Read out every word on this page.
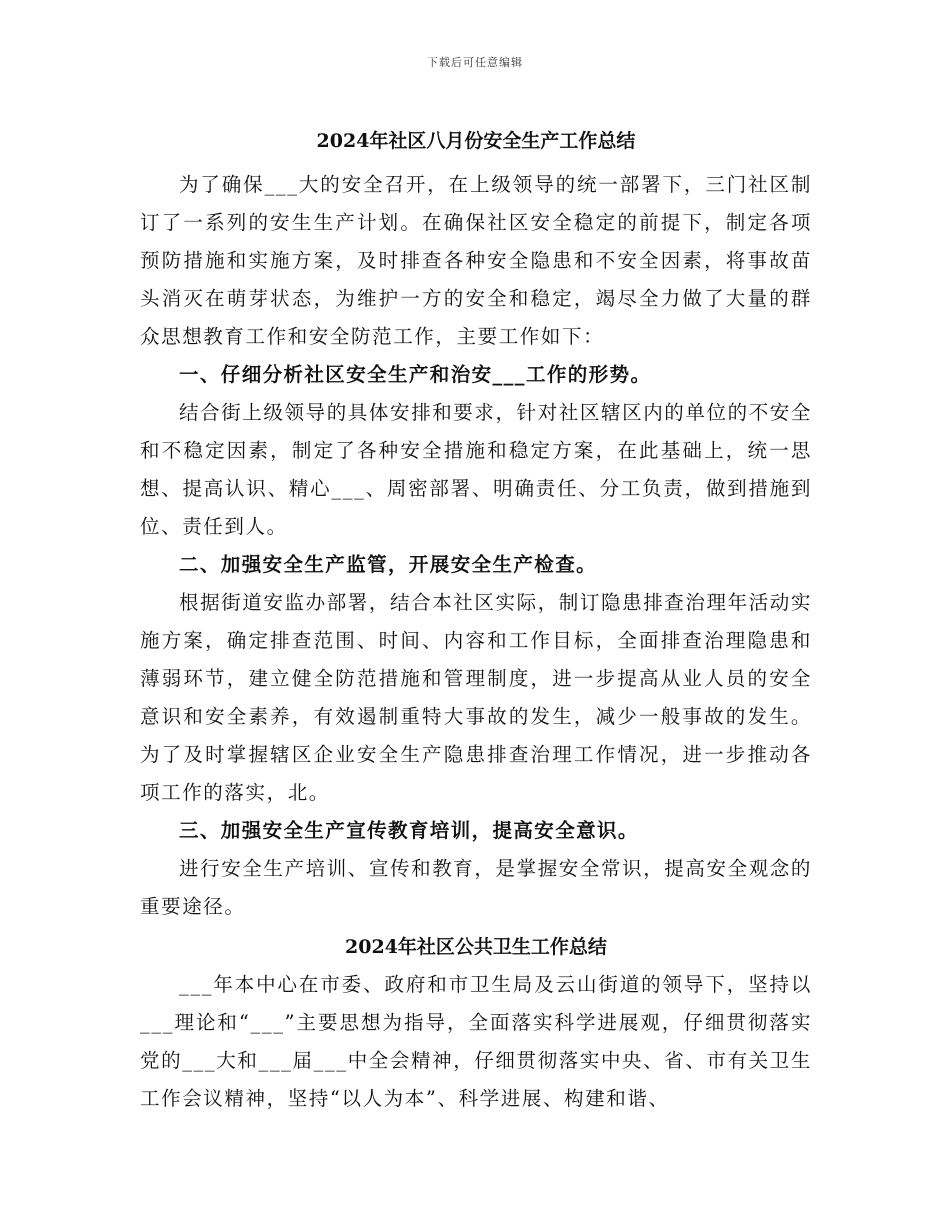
下载后可任意编辑
2024年社区八月份安全生产工作总结

为了确保___大的安全召开，在上级领导的统一部署下，三门社区制订了一系列的安生生产计划。在确保社区安全稳定的前提下，制定各项预防措施和实施方案，及时排查各种安全隐患和不安全因素，将事故苗头消灭在萌芽状态，为维护一方的安全和稳定，竭尽全力做了大量的群众思想教育工作和安全防范工作，主要工作如下：

一、仔细分析社区安全生产和治安___工作的形势。

结合街上级领导的具体安排和要求，针对社区辖区内的单位的不安全和不稳定因素，制定了各种安全措施和稳定方案，在此基础上，统一思想、提高认识、精心___、周密部署、明确责任、分工负责，做到措施到位、责任到人。

二、加强安全生产监管，开展安全生产检查。

根据街道安监办部署，结合本社区实际，制订隐患排查治理年活动实施方案，确定排查范围、时间、内容和工作目标，全面排查治理隐患和薄弱环节，建立健全防范措施和管理制度，进一步提高从业人员的安全意识和安全素养，有效遏制重特大事故的发生，减少一般事故的发生。为了及时掌握辖区企业安全生产隐患排查治理工作情况，进一步推动各项工作的落实，北。

三、加强安全生产宣传教育培训，提高安全意识。

进行安全生产培训、宣传和教育，是掌握安全常识，提高安全观念的重要途径。

2024年社区公共卫生工作总结

___年本中心在市委、政府和市卫生局及云山街道的领导下，坚持以___理论和“___”主要思想为指导，全面落实科学进展观，仔细贯彻落实党的___大和___届___中全会精神，仔细贯彻落实中央、省、市有关卫生工作会议精神，坚持“以人为本”、科学进展、构建和谐、
